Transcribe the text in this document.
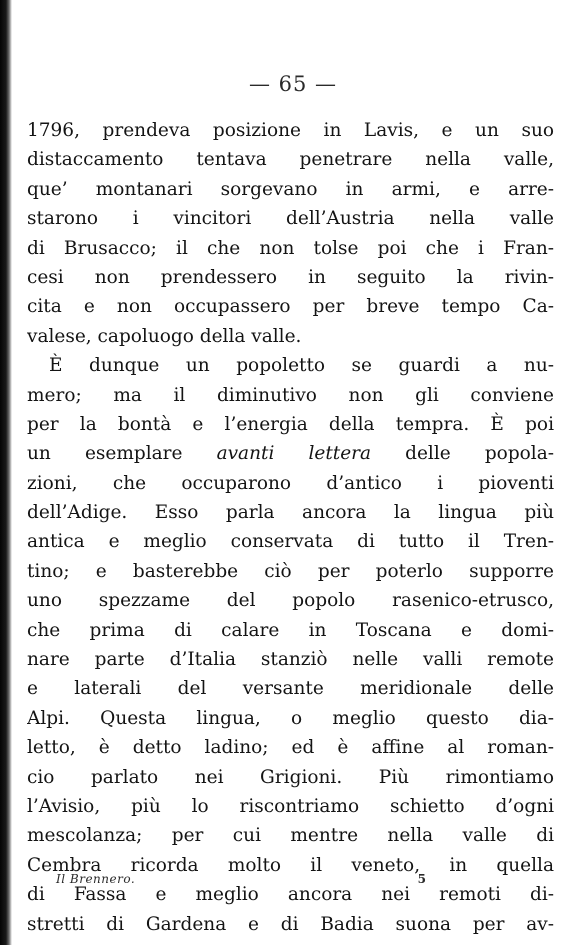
— 65 —
1796, prendeva posizione in Lavis, e un suo
distaccamento tentava penetrare nella valle,
que’ montanari sorgevano in armi, e arre-
starono i vincitori dell’Austria nella valle
di Brusacco; il che non tolse poi che i Fran-
cesi non prendessero in seguito la rivin-
cita e non occupassero per breve tempo Ca-
valese, capoluogo della valle.
È dunque un popoletto se guardi a nu-
mero; ma il diminutivo non gli conviene
per la bontà e l’energia della tempra. È poi
un esemplare avanti lettera delle popola-
zioni, che occuparono d’antico i pioventi
dell’Adige. Esso parla ancora la lingua più
antica e meglio conservata di tutto il Tren-
tino; e basterebbe ciò per poterlo supporre
uno spezzame del popolo rasenico-etrusco,
che prima di calare in Toscana e domi-
nare parte d’Italia stanziò nelle valli remote
e laterali del versante meridionale delle
Alpi. Questa lingua, o meglio questo dia-
letto, è detto ladino; ed è affine al roman-
cio parlato nei Grigioni. Più rimontiamo
l’Avisio, più lo riscontriamo schietto d’ogni
mescolanza; per cui mentre nella valle di
Cembra ricorda molto il veneto, in quella
di Fassa e meglio ancora nei remoti di-
stretti di Gardena e di Badia suona per av-
Il Brennero.	5
